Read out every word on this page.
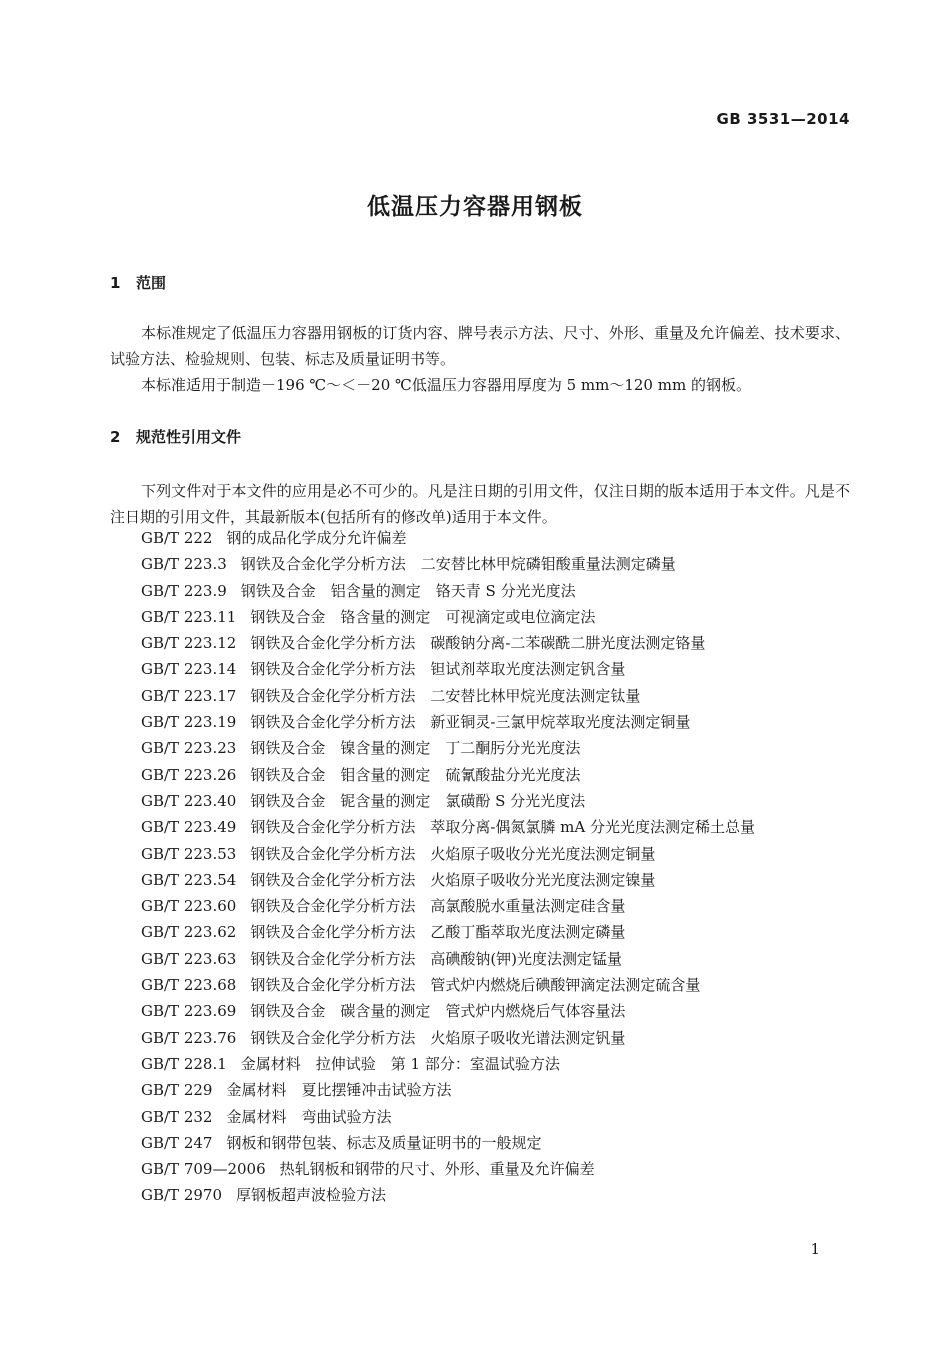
GB 3531—2014
低温压力容器用钢板
1 范围

本标准规定了低温压力容器用钢板的订货内容、牌号表示方法、尺寸、外形、重量及允许偏差、技术要求、试验方法、检验规则、包装、标志及质量证明书等。

本标准适用于制造－196 ℃～＜－20 ℃低温压力容器用厚度为 5 mm～120 mm 的钢板。

2 规范性引用文件

下列文件对于本文件的应用是必不可少的。凡是注日期的引用文件，仅注日期的版本适用于本文件。凡是不注日期的引用文件，其最新版本(包括所有的修改单)适用于本文件。

GB/T 222 钢的成品化学成分允许偏差
GB/T 223.3 钢铁及合金化学分析方法　二安替比林甲烷磷钼酸重量法测定磷量
GB/T 223.9 钢铁及合金　铝含量的测定　铬天青 S 分光光度法
GB/T 223.11 钢铁及合金　铬含量的测定　可视滴定或电位滴定法
GB/T 223.12 钢铁及合金化学分析方法　碳酸钠分离-二苯碳酰二肼光度法测定铬量
GB/T 223.14 钢铁及合金化学分析方法　钽试剂萃取光度法测定钒含量
GB/T 223.17 钢铁及合金化学分析方法　二安替比林甲烷光度法测定钛量
GB/T 223.19 钢铁及合金化学分析方法　新亚铜灵-三氯甲烷萃取光度法测定铜量
GB/T 223.23 钢铁及合金　镍含量的测定　丁二酮肟分光光度法
GB/T 223.26 钢铁及合金　钼含量的测定　硫氰酸盐分光光度法
GB/T 223.40 钢铁及合金　铌含量的测定　氯磺酚 S 分光光度法
GB/T 223.49 钢铁及合金化学分析方法　萃取分离-偶氮氯膦 mA 分光光度法测定稀土总量
GB/T 223.53 钢铁及合金化学分析方法　火焰原子吸收分光光度法测定铜量
GB/T 223.54 钢铁及合金化学分析方法　火焰原子吸收分光光度法测定镍量
GB/T 223.60 钢铁及合金化学分析方法　高氯酸脱水重量法测定硅含量
GB/T 223.62 钢铁及合金化学分析方法　乙酸丁酯萃取光度法测定磷量
GB/T 223.63 钢铁及合金化学分析方法　高碘酸钠(钾)光度法测定锰量
GB/T 223.68 钢铁及合金化学分析方法　管式炉内燃烧后碘酸钾滴定法测定硫含量
GB/T 223.69 钢铁及合金　碳含量的测定　管式炉内燃烧后气体容量法
GB/T 223.76 钢铁及合金化学分析方法　火焰原子吸收光谱法测定钒量
GB/T 228.1 金属材料　拉伸试验　第 1 部分：室温试验方法
GB/T 229 金属材料　夏比摆锤冲击试验方法
GB/T 232 金属材料　弯曲试验方法
GB/T 247 钢板和钢带包装、标志及质量证明书的一般规定
GB/T 709—2006 热轧钢板和钢带的尺寸、外形、重量及允许偏差
GB/T 2970 厚钢板超声波检验方法
1
